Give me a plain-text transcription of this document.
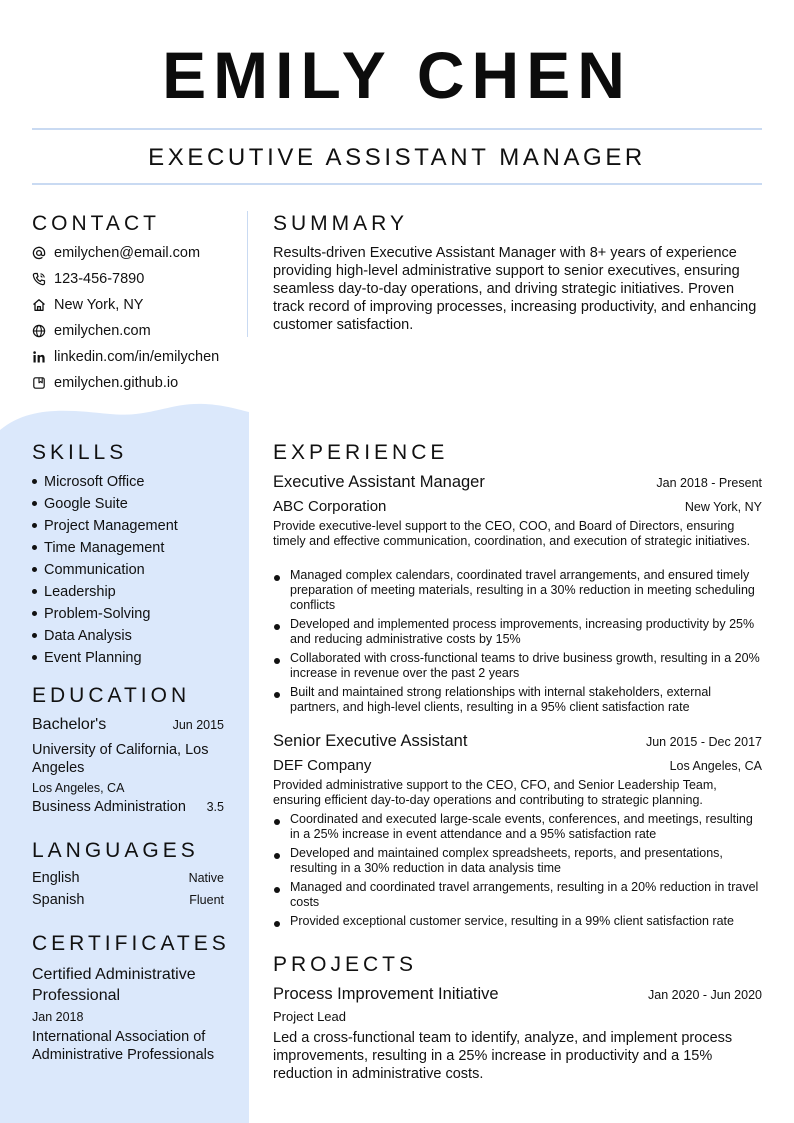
EMILY CHEN
EXECUTIVE ASSISTANT MANAGER
CONTACT
emilychen@email.com
123-456-7890
New York, NY
emilychen.com
linkedin.com/in/emilychen
emilychen.github.io
SKILLS
Microsoft Office
Google Suite
Project Management
Time Management
Communication
Leadership
Problem-Solving
Data Analysis
Event Planning
EDUCATION
Bachelor's	Jun 2015
University of California, Los Angeles
Los Angeles, CA
Business Administration 3.5
LANGUAGES
English	Native
Spanish	Fluent
CERTIFICATES
Certified Administrative Professional
Jan 2018
International Association of Administrative Professionals
SUMMARY
Results-driven Executive Assistant Manager with 8+ years of experience providing high-level administrative support to senior executives, ensuring seamless day-to-day operations, and driving strategic initiatives. Proven track record of improving processes, increasing productivity, and enhancing customer satisfaction.
EXPERIENCE
Executive Assistant Manager	Jan 2018 - Present
ABC Corporation	New York, NY
Provide executive-level support to the CEO, COO, and Board of Directors, ensuring timely and effective communication, coordination, and execution of strategic initiatives.
Managed complex calendars, coordinated travel arrangements, and ensured timely preparation of meeting materials, resulting in a 30% reduction in meeting scheduling conflicts
Developed and implemented process improvements, increasing productivity by 25% and reducing administrative costs by 15%
Collaborated with cross-functional teams to drive business growth, resulting in a 20% increase in revenue over the past 2 years
Built and maintained strong relationships with internal stakeholders, external partners, and high-level clients, resulting in a 95% client satisfaction rate
Senior Executive Assistant	Jun 2015 - Dec 2017
DEF Company	Los Angeles, CA
Provided administrative support to the CEO, CFO, and Senior Leadership Team, ensuring efficient day-to-day operations and contributing to strategic planning.
Coordinated and executed large-scale events, conferences, and meetings, resulting in a 25% increase in event attendance and a 95% satisfaction rate
Developed and maintained complex spreadsheets, reports, and presentations, resulting in a 30% reduction in data analysis time
Managed and coordinated travel arrangements, resulting in a 20% reduction in travel costs
Provided exceptional customer service, resulting in a 99% client satisfaction rate
PROJECTS
Process Improvement Initiative	Jan 2020 - Jun 2020
Project Lead
Led a cross-functional team to identify, analyze, and implement process improvements, resulting in a 25% increase in productivity and a 15% reduction in administrative costs.
